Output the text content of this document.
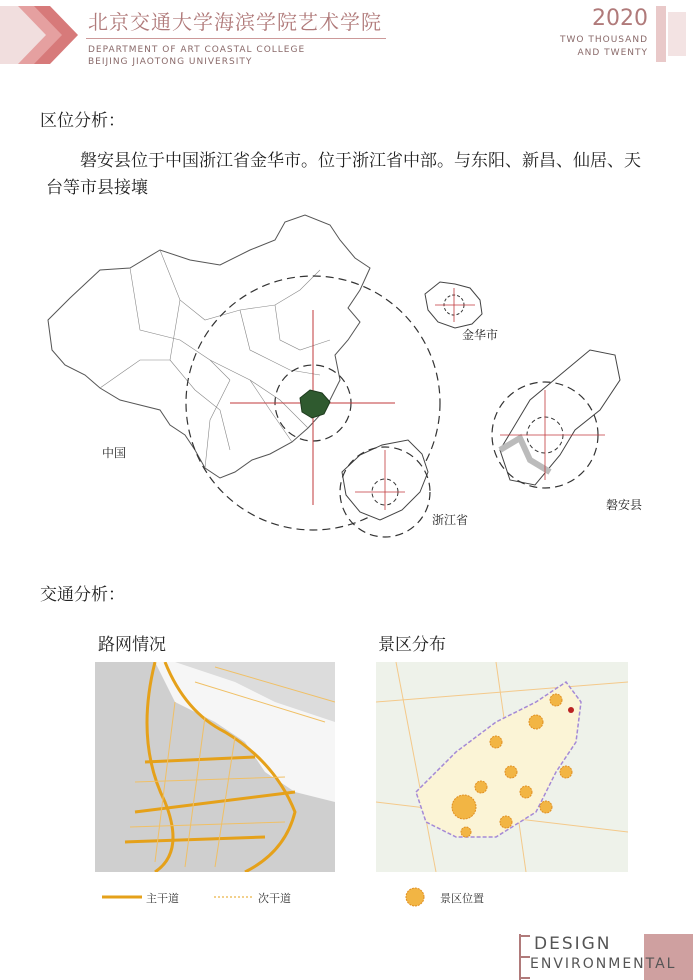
北京交通大学海滨学院艺术学院
DEPARTMENT OF ART COASTAL COLLEGE
BEIJING JIAOTONG UNIVERSITY
2020
TWO THOUSAND
AND TWENTY
区位分析：
磐安县位于中国浙江省金华市。位于浙江省中部。与东阳、新昌、仙居、天台等市县接壤
中国
金华市
浙江省
磐安县
交通分析：
路网情况	景区分布
主干道	次干道	景区位置
DESIGN
ENVIRONMENTAL
